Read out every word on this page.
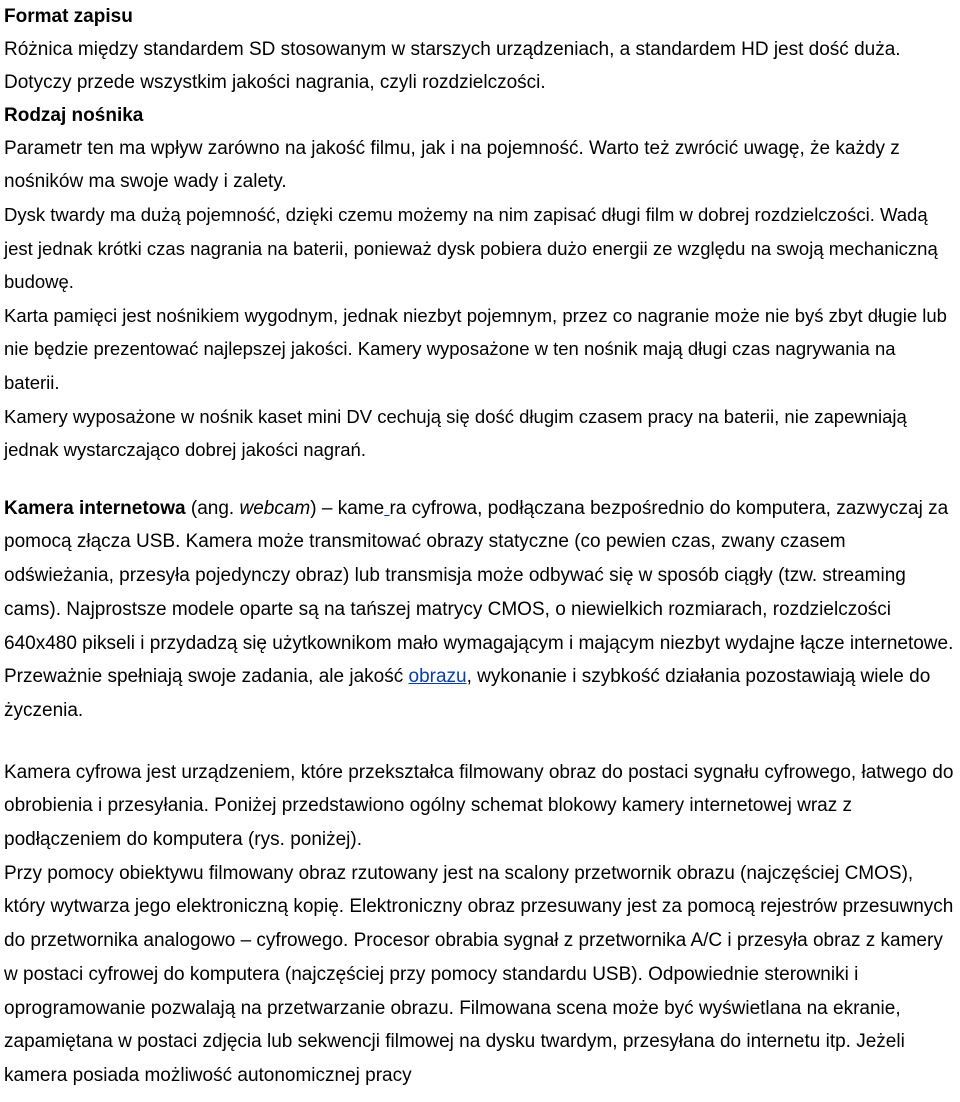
Format zapisu

Różnica między standardem SD stosowanym w starszych urządzeniach, a standardem HD jest dość duża. Dotyczy przede wszystkim jakości nagrania, czyli rozdzielczości.

Rodzaj nośnika

Parametr ten ma wpływ zarówno na jakość filmu, jak i na pojemność. Warto też zwrócić uwagę, że każdy z nośników ma swoje wady i zalety.

Dysk twardy ma dużą pojemność, dzięki czemu możemy na nim zapisać długi film w dobrej rozdzielczości. Wadą jest jednak krótki czas nagrania na baterii, ponieważ dysk pobiera dużo energii ze względu na swoją mechaniczną budowę.

Karta pamięci jest nośnikiem wygodnym, jednak niezbyt pojemnym, przez co nagranie może nie byś zbyt długie lub nie będzie prezentować najlepszej jakości. Kamery wyposażone w ten nośnik mają długi czas nagrywania na baterii.

Kamery wyposażone w nośnik kaset mini DV cechują się dość długim czasem pracy na baterii, nie zapewniają jednak wystarczająco dobrej jakości nagrań.

Kamera internetowa (ang. webcam) – kame ra cyfrowa, podłączana bezpośrednio do komputera, zazwyczaj za pomocą złącza USB. Kamera może transmitować obrazy statyczne (co pewien czas, zwany czasem odświeżania, przesyła pojedynczy obraz) lub transmisja może odbywać się w sposób ciągły (tzw. streaming cams). Najprostsze modele oparte są na tańszej matrycy CMOS, o niewielkich rozmiarach, rozdzielczości 640x480 pikseli i przydadzą się użytkownikom mało wymagającym i mającym niezbyt wydajne łącze internetowe. Przeważnie spełniają swoje zadania, ale jakość obrazu, wykonanie i szybkość działania pozostawiają wiele do życzenia.

Kamera cyfrowa jest urządzeniem, które przekształca filmowany obraz do postaci sygnału cyfrowego, łatwego do obrobienia i przesyłania. Poniżej przedstawiono ogólny schemat blokowy kamery internetowej wraz z podłączeniem do komputera (rys. poniżej).

Przy pomocy obiektywu filmowany obraz rzutowany jest na scalony przetwornik obrazu (najczęściej CMOS), który wytwarza jego elektroniczną kopię. Elektroniczny obraz przesuwany jest za pomocą rejestrów przesuwnych do przetwornika analogowo – cyfrowego. Procesor obrabia sygnał z przetwornika A/C i przesyła obraz z kamery w postaci cyfrowej do komputera (najczęściej przy pomocy standardu USB). Odpowiednie sterowniki i oprogramowanie pozwalają na przetwarzanie obrazu. Filmowana scena może być wyświetlana na ekranie, zapamiętana w postaci zdjęcia lub sekwencji filmowej na dysku twardym, przesyłana do internetu itp. Jeżeli kamera posiada możliwość autonomicznej pracy
